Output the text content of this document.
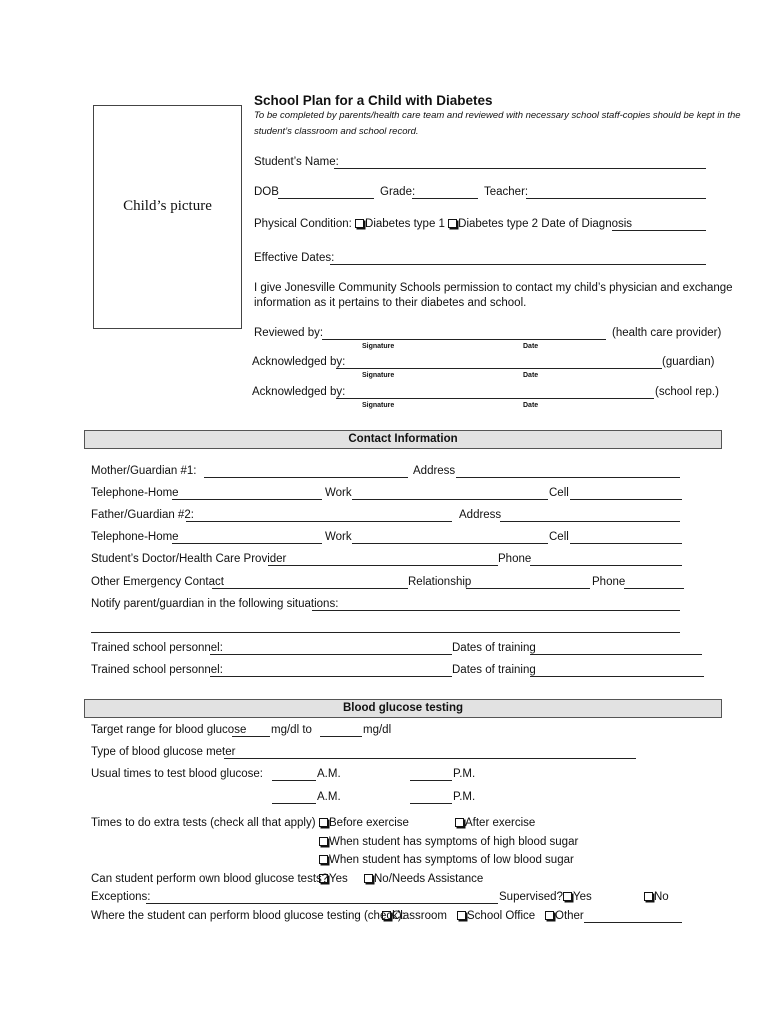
Child’s picture
School Plan for a Child with Diabetes
To be completed by parents/health care team and reviewed with necessary school staff-copies should be kept in the
student’s classroom and school record.
Student’s Name:
DOB	Grade:	Teacher:
Physical Condition: Diabetes type 1 Diabetes type 2 Date of Diagnosis
Effective Dates:
I give Jonesville Community Schools permission to contact my child’s physician and exchange
information as it pertains to their diabetes and school.
Reviewed by:	(health care provider)
Signature	Date
Acknowledged by:	(guardian)
Signature	Date
Acknowledged by:	(school rep.)
Signature	Date
Contact Information
Mother/Guardian #1:	Address
Telephone-Home	Work	Cell
Father/Guardian #2:	Address
Telephone-Home	Work	Cell
Student’s Doctor/Health Care Provider	Phone
Other Emergency Contact	Relationship	Phone
Notify parent/guardian in the following situations:
Trained school personnel:	Dates of training
Trained school personnel:	Dates of training
Blood glucose testing
Target range for blood glucose mg/dl to	mg/dl
Type of blood glucose meter
Usual times to test blood glucose:	A.M.	P.M.
A.M.	P.M.
Times to do extra tests (check all that apply)	Before exercise	After exercise
When student has symptoms of high blood sugar
When student has symptoms of low blood sugar
Can student perform own blood glucose tests? Yes	No/Needs Assistance
Exceptions:	Supervised? Yes	No
Where the student can perform blood glucose testing (check):
Classroom	School Office	Other
